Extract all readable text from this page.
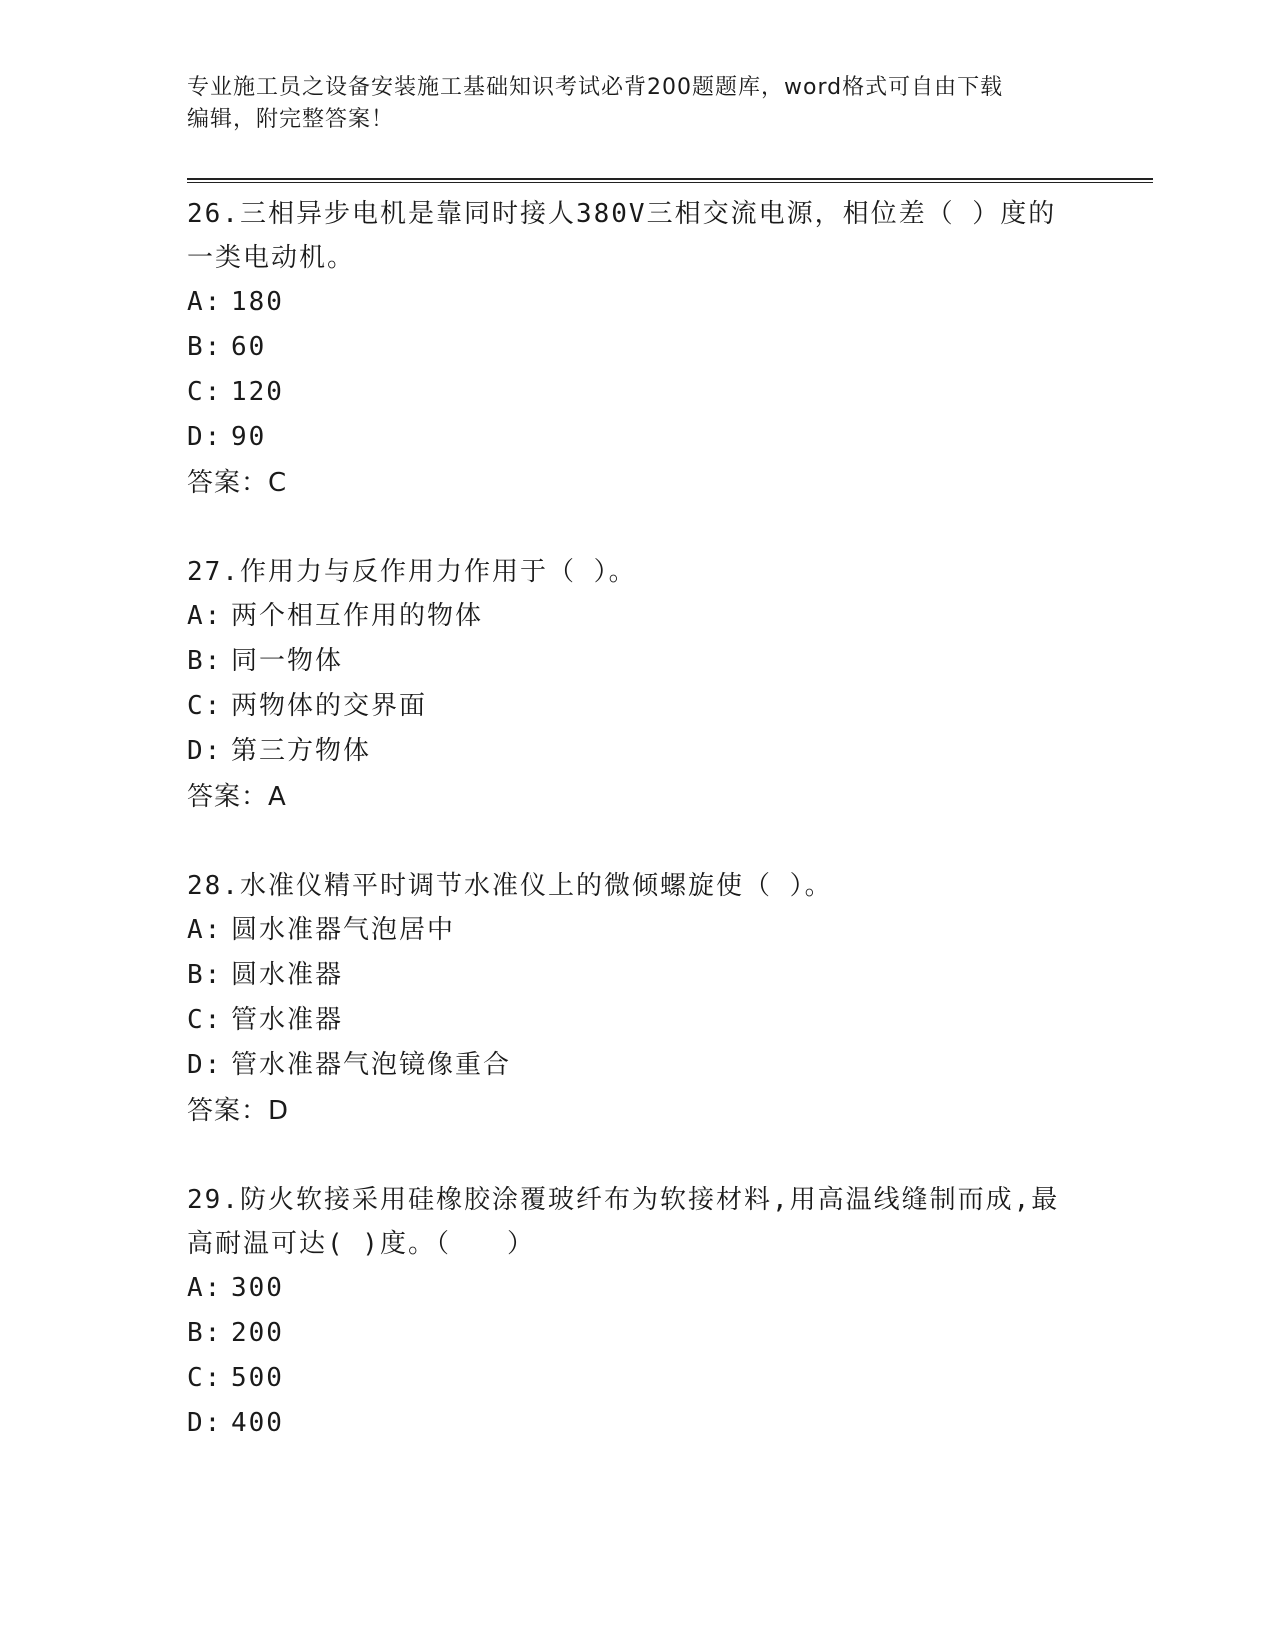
专业施工员之设备安装施工基础知识考试必背200题题库，word格式可自由下载
编辑，附完整答案！

26.三相异步电机是靠同时接人380V三相交流电源，相位差（ ）度的一类电动机。

A: 180

B: 60

C: 120

D: 90

答案：C

27.作用力与反作用力作用于（ ）。

A: 两个相互作用的物体

B: 同一物体

C: 两物体的交界面

D: 第三方物体

答案：A

28.水准仪精平时调节水准仪上的微倾螺旋使（ ）。

A: 圆水准器气泡居中

B: 圆水准器

C: 管水准器

D: 管水准器气泡镜像重合

答案：D

29.防火软接采用硅橡胶涂覆玻纤布为软接材料,用高温线缝制而成,最高耐温可达( )度。（　　）

A: 300

B: 200

C: 500

D: 400
